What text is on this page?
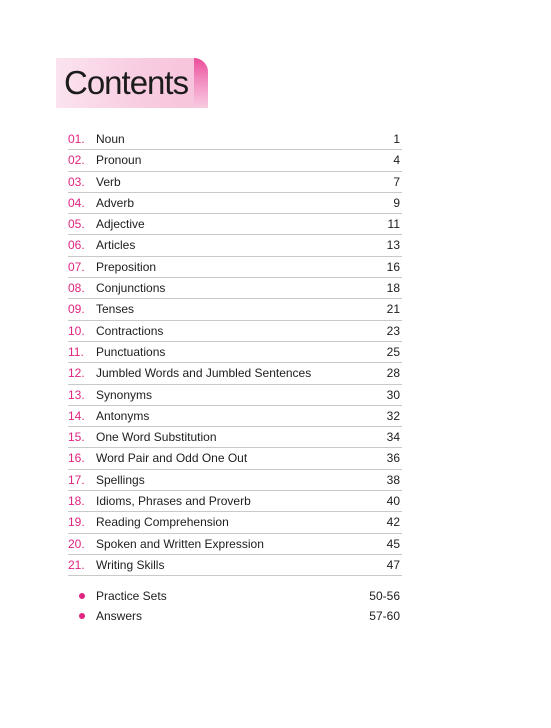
Contents
01. Noun	1
02. Pronoun	4
03. Verb	7
04. Adverb	9
05. Adjective	11
06. Articles	13
07. Preposition	16
08. Conjunctions	18
09. Tenses	21
10. Contractions	23
11. Punctuations	25
12. Jumbled Words and Jumbled Sentences	28
13. Synonyms	30
14. Antonyms	32
15. One Word Substitution	34
16. Word Pair and Odd One Out	36
17. Spellings	38
18. Idioms, Phrases and Proverb	40
19. Reading Comprehension	42
20. Spoken and Written Expression	45
21. Writing Skills	47
Practice Sets	50-56
Answers	57-60
